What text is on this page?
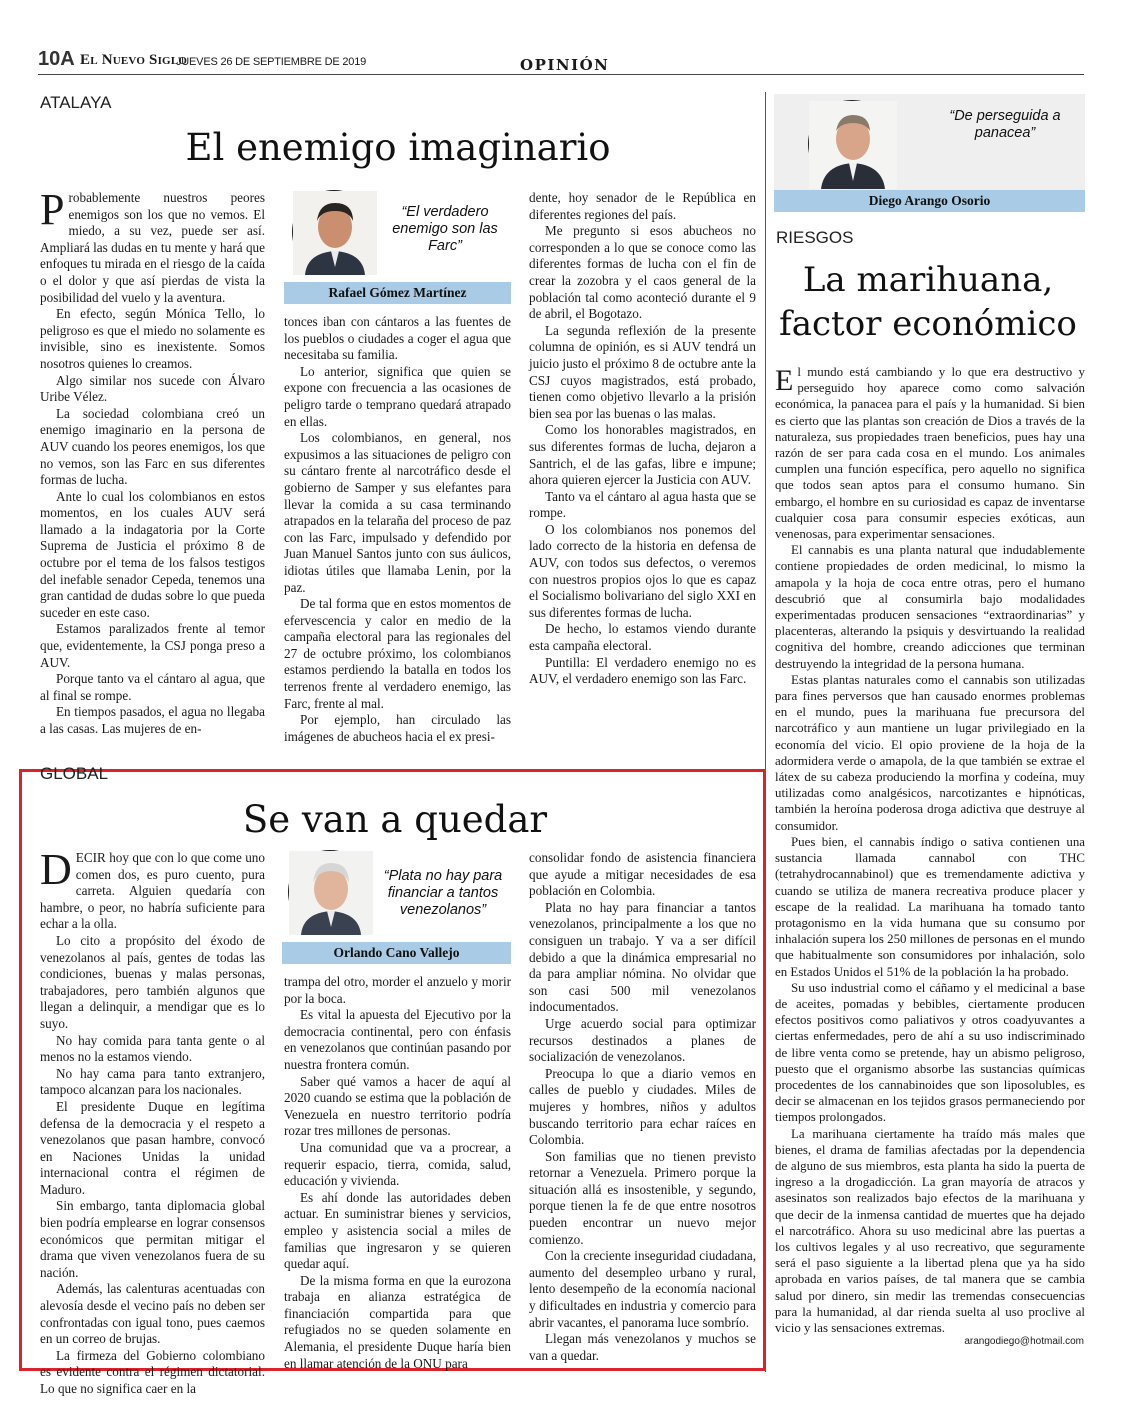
10A El Nuevo Siglo
JUEVES 26 DE SEPTIEMBRE DE 2019	OPINIÓN
ATALAYA
El enemigo imaginario

Probablemente nuestros peores enemigos son los que no vemos. El miedo, a su vez, puede ser así. Ampliará las dudas en tu mente y hará que enfoques tu mirada en el riesgo de la caída o el dolor y que así pierdas de vista la posibilidad del vuelo y la aventura.

En efecto, según Mónica Tello, lo peligroso es que el miedo no solamente es invisible, sino es inexistente. Somos nosotros quienes lo creamos.

Algo similar nos sucede con Álvaro Uribe Vélez.

La sociedad colombiana creó un enemigo imaginario en la persona de AUV cuando los peores enemigos, los que no vemos, son las Farc en sus diferentes formas de lucha.

Ante lo cual los colombianos en estos momentos, en los cuales AUV será llamado a la indagatoria por la Corte Suprema de Justicia el próximo 8 de octubre por el tema de los falsos testigos del inefable senador Cepeda, tenemos una gran cantidad de dudas sobre lo que pueda suceder en este caso.

Estamos paralizados frente al temor que, evidentemente, la CSJ ponga preso a AUV.

Porque tanto va el cántaro al agua, que al final se rompe.

En tiempos pasados, el agua no llegaba a las casas. Las mujeres de en-

“El verdadero enemigo son las Farc”
Rafael Gómez Martínez

tonces iban con cántaros a las fuentes de los pueblos o ciudades a coger el agua que necesitaba su familia.

Lo anterior, significa que quien se expone con frecuencia a las ocasiones de peligro tarde o temprano quedará atrapado en ellas.

Los colombianos, en general, nos expusimos a las situaciones de peligro con su cántaro frente al narcotráfico desde el gobierno de Samper y sus elefantes para llevar la comida a su casa terminando atrapados en la telaraña del proceso de paz con las Farc, impulsado y defendido por Juan Manuel Santos junto con sus áulicos, idiotas útiles que llamaba Lenin, por la paz.

De tal forma que en estos momentos de efervescencia y calor en medio de la campaña electoral para las regionales del 27 de octubre próximo, los colombianos estamos perdiendo la batalla en todos los terrenos frente al verdadero enemigo, las Farc, frente al mal.

Por ejemplo, han circulado las imágenes de abucheos hacia el ex presi-

dente, hoy senador de le República en diferentes regiones del país.

Me pregunto si esos abucheos no corresponden a lo que se conoce como las diferentes formas de lucha con el fin de crear la zozobra y el caos general de la población tal como aconteció durante el 9 de abril, el Bogotazo.

La segunda reflexión de la presente columna de opinión, es si AUV tendrá un juicio justo el próximo 8 de octubre ante la CSJ cuyos magistrados, está probado, tienen como objetivo llevarlo a la prisión bien sea por las buenas o las malas.

Como los honorables magistrados, en sus diferentes formas de lucha, dejaron a Santrich, el de las gafas, libre e impune; ahora quieren ejercer la Justicia con AUV.

Tanto va el cántaro al agua hasta que se rompe.

O los colombianos nos ponemos del lado correcto de la historia en defensa de AUV, con todos sus defectos, o veremos con nuestros propios ojos lo que es capaz el Socialismo bolivariano del siglo XXI en sus diferentes formas de lucha.

De hecho, lo estamos viendo durante esta campaña electoral.

Puntilla: El verdadero enemigo no es AUV, el verdadero enemigo son las Farc.

“De perseguida a panacea”
Diego Arango Osorio
RIESGOS
La marihuana, factor económico

El mundo está cambiando y lo que era destructivo y perseguido hoy aparece como como salvación económica, la panacea para el país y la humanidad. Si bien es cierto que las plantas son creación de Dios a través de la naturaleza, sus propiedades traen beneficios, pues hay una razón de ser para cada cosa en el mundo. Los animales cumplen una función específica, pero aquello no significa que todos sean aptos para el consumo humano. Sin embargo, el hombre en su curiosidad es capaz de inventarse cualquier cosa para consumir especies exóticas, aun venenosas, para experimentar sensaciones.

El cannabis es una planta natural que indudablemente contiene propiedades de orden medicinal, lo mismo la amapola y la hoja de coca entre otras, pero el humano descubrió que al consumirla bajo modalidades experimentadas producen sensaciones “extraordinarias” y placenteras, alterando la psiquis y desvirtuando la realidad cognitiva del hombre, creando adicciones que terminan destruyendo la integridad de la persona humana.

Estas plantas naturales como el cannabis son utilizadas para fines perversos que han causado enormes problemas en el mundo, pues la marihuana fue precursora del narcotráfico y aun mantiene un lugar privilegiado en la economía del vicio. El opio proviene de la hoja de la adormidera verde o amapola, de la que también se extrae el látex de su cabeza produciendo la morfina y codeína, muy utilizadas como analgésicos, narcotizantes e hipnóticas, también la heroína poderosa droga adictiva que destruye al consumidor.

Pues bien, el cannabis índigo o sativa contienen una sustancia llamada cannabol con THC (tetrahydrocannabinol) que es tremendamente adictiva y cuando se utiliza de manera recreativa produce placer y escape de la realidad. La marihuana ha tomado tanto protagonismo en la vida humana que su consumo por inhalación supera los 250 millones de personas en el mundo que habitualmente son consumidores por inhalación, solo en Estados Unidos el 51% de la población la ha probado.

Su uso industrial como el cáñamo y el medicinal a base de aceites, pomadas y bebibles, ciertamente producen efectos positivos como paliativos y otros coadyuvantes a ciertas enfermedades, pero de ahí a su uso indiscriminado de libre venta como se pretende, hay un abismo peligroso, puesto que el organismo absorbe las sustancias químicas procedentes de los cannabinoides que son liposolubles, es decir se almacenan en los tejidos grasos permaneciendo por tiempos prolongados.

La marihuana ciertamente ha traído más males que bienes, el drama de familias afectadas por la dependencia de alguno de sus miembros, esta planta ha sido la puerta de ingreso a la drogadicción. La gran mayoría de atracos y asesinatos son realizados bajo efectos de la marihuana y que decir de la inmensa cantidad de muertes que ha dejado el narcotráfico. Ahora su uso medicinal abre las puertas a los cultivos legales y al uso recreativo, que seguramente será el paso siguiente a la libertad plena que ya ha sido aprobada en varios países, de tal manera que se cambia salud por dinero, sin medir las tremendas consecuencias para la humanidad, al dar rienda suelta al uso proclive al vicio y las sensaciones extremas.

arangodiego@hotmail.com
GLOBAL
Se van a quedar

DECIR hoy que con lo que come uno comen dos, es puro cuento, pura carreta. Alguien quedaría con hambre, o peor, no habría suficiente para echar a la olla.

Lo cito a propósito del éxodo de venezolanos al país, gentes de todas las condiciones, buenas y malas personas, trabajadores, pero también algunos que llegan a delinquir, a mendigar que es lo suyo.

No hay comida para tanta gente o al menos no la estamos viendo.

No hay cama para tanto extranjero, tampoco alcanzan para los nacionales.

El presidente Duque en legítima defensa de la democracia y el respeto a venezolanos que pasan hambre, convocó en Naciones Unidas la unidad internacional contra el régimen de Maduro.

Sin embargo, tanta diplomacia global bien podría emplearse en lograr consensos económicos que permitan mitigar el drama que viven venezolanos fuera de su nación.

Además, las calenturas acentuadas con alevosía desde el vecino país no deben ser confrontadas con igual tono, pues caemos en un correo de brujas.

La firmeza del Gobierno colombiano es evidente contra el régimen dictatorial. Lo que no significa caer en la

“Plata no hay para financiar a tantos venezolanos”
Orlando Cano Vallejo

trampa del otro, morder el anzuelo y morir por la boca.

Es vital la apuesta del Ejecutivo por la democracia continental, pero con énfasis en venezolanos que continúan pasando por nuestra frontera común.

Saber qué vamos a hacer de aquí al 2020 cuando se estima que la población de Venezuela en nuestro territorio podría rozar tres millones de personas.

Una comunidad que va a procrear, a requerir espacio, tierra, comida, salud, educación y vivienda.

Es ahí donde las autoridades deben actuar. En suministrar bienes y servicios, empleo y asistencia social a miles de familias que ingresaron y se quieren quedar aquí.

De la misma forma en que la eurozona trabaja en alianza estratégica de financiación compartida para que refugiados no se queden solamente en Alemania, el presidente Duque haría bien en llamar atención de la ONU para

consolidar fondo de asistencia financiera que ayude a mitigar necesidades de esa población en Colombia.

Plata no hay para financiar a tantos venezolanos, principalmente a los que no consiguen un trabajo. Y va a ser difícil debido a que la dinámica empresarial no da para ampliar nómina. No olvidar que son casi 500 mil venezolanos indocumentados.

Urge acuerdo social para optimizar recursos destinados a planes de socialización de venezolanos.

Preocupa lo que a diario vemos en calles de pueblo y ciudades. Miles de mujeres y hombres, niños y adultos buscando territorio para echar raíces en Colombia.

Son familias que no tienen previsto retornar a Venezuela. Primero porque la situación allá es insostenible, y segundo, porque tienen la fe de que entre nosotros pueden encontrar un nuevo mejor comienzo.

Con la creciente inseguridad ciudadana, aumento del desempleo urbano y rural, lento desempeño de la economía nacional y dificultades en industria y comercio para abrir vacantes, el panorama luce sombrío.

Llegan más venezolanos y muchos se van a quedar.
